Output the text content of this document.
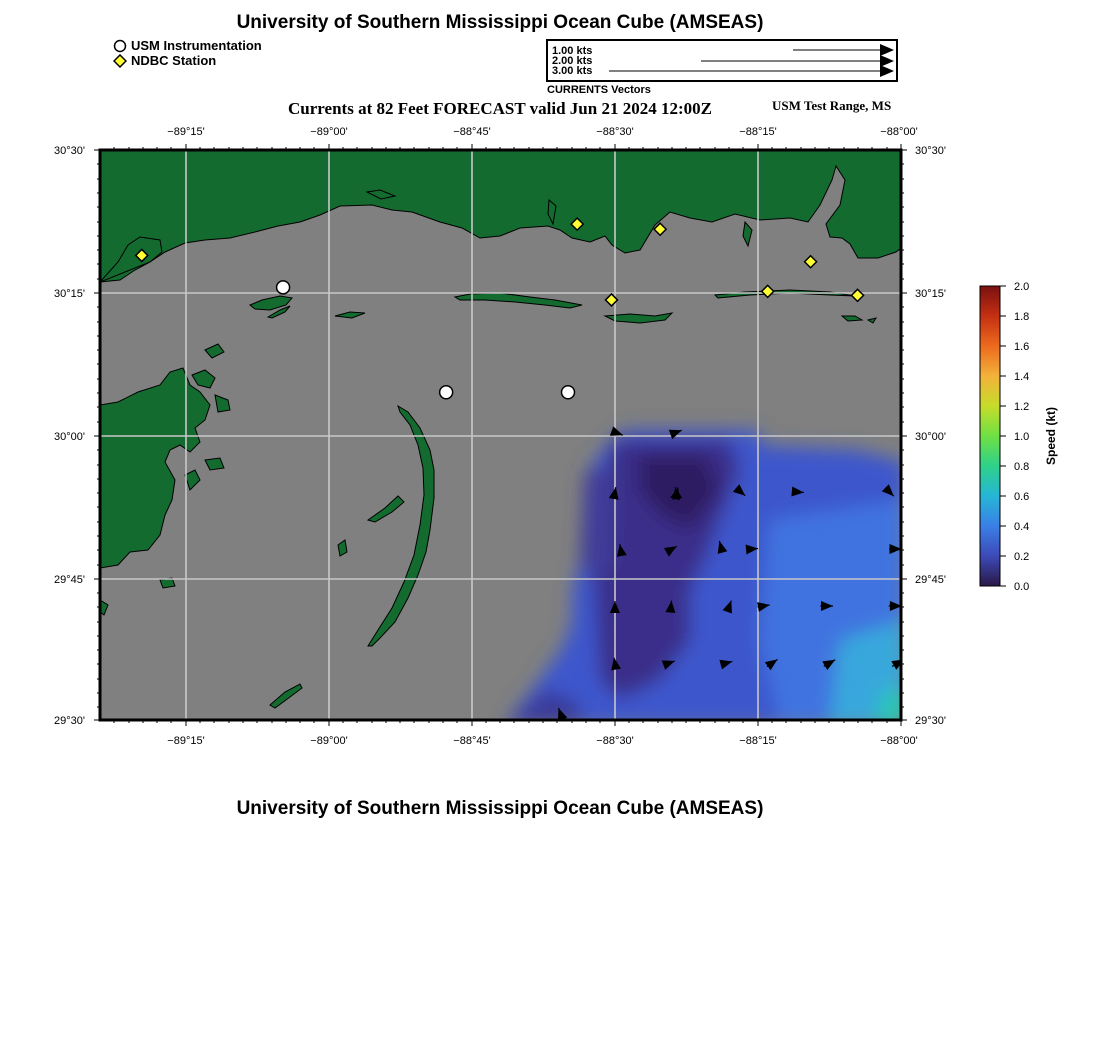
University of Southern Mississippi Ocean Cube (AMSEAS)
USM Instrumentation
NDBC Station
1.00 kts
2.00 kts
3.00 kts
CURRENTS Vectors
Currents at 82 Feet FORECAST valid Jun 21 2024 12:00Z	USM Test Range, MS
−89°15'	−89°00'	−88°45'	−88°30'	−88°15'	−88°00'
−89°15'	−89°00'	−88°45'	−88°30'	−88°15'	−88°00'
30°30'
30°15'
30°00'
29°45'
29°30'
30°30'
30°15'
30°00'
29°45'
29°30'
2.0
1.8
1.6
1.4
1.2
1.0
0.8
0.6
0.4
0.2
0.0
Speed (kt)
University of Southern Mississippi Ocean Cube (AMSEAS)
